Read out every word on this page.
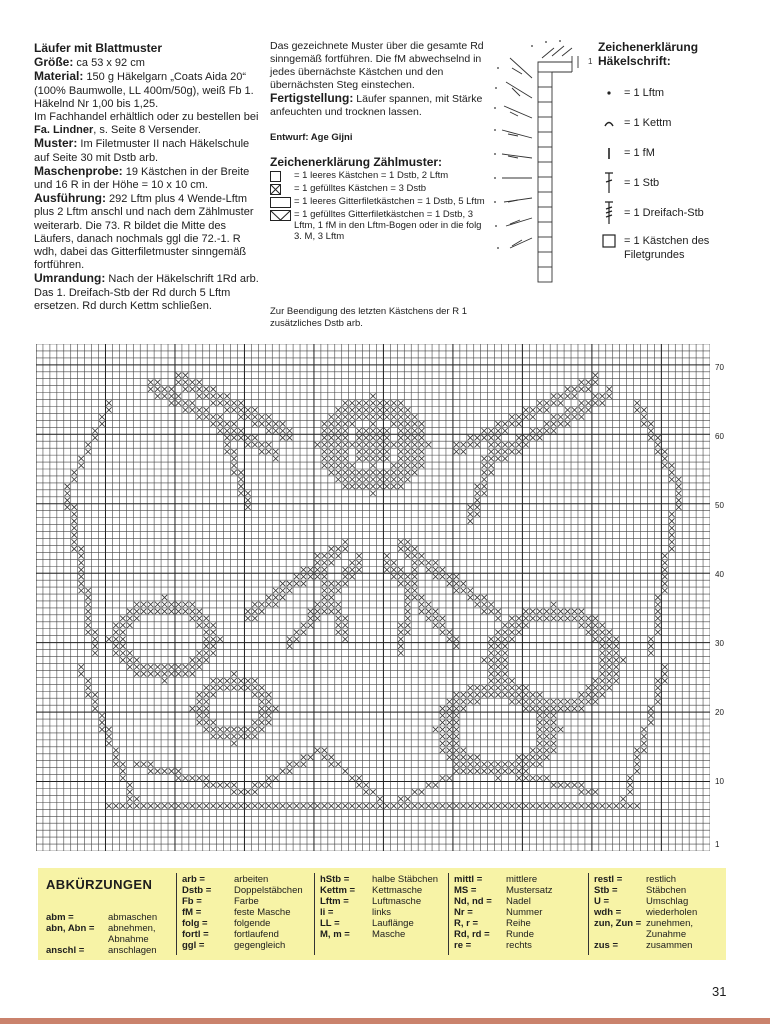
Läufer mit Blattmuster

Größe: ca 53 x 92 cm

Material: 150 g Häkelgarn „Coats Aida 20“ (100% Baumwolle, LL 400m/50g), weiß Fb 1. Häkelnd Nr 1,00 bis 1,25.

Im Fachhandel erhältlich oder zu bestellen bei Fa. Lindner, s. Seite 8 Versender.

Muster: Im Filetmuster II nach Häkelschule auf Seite 30 mit Dstb arb.

Maschenprobe: 19 Kästchen in der Breite und 16 R in der Höhe = 10 x 10 cm.

Ausführung: 292 Lftm plus 4 Wende-Lftm plus 2 Lftm anschl und nach dem Zählmuster weiterarb. Die 73. R bildet die Mitte des Läufers, danach nochmals ggl die 72.-1. R wdh, dabei das Gitterfiletmuster sinngemäß fortführen.

Umrandung: Nach der Häkelschrift 1Rd arb. Das 1. Dreifach-Stb der Rd durch 5 Lftm ersetzen. Rd durch Kettm schließen.

Das gezeichnete Muster über die gesamte Rd sinngemäß fortführen. Die fM abwechselnd in jedes übernächste Kästchen und den übernächsten Steg einstechen.

Fertigstellung: Läufer spannen, mit Stärke anfeuchten und trocknen lassen.

Entwurf: Age Gijni

Zeichenerklärung Zählmuster:

= 1 leeres Kästchen = 1 Dstb, 2 Lftm
= 1 gefülltes Kästchen = 3 Dstb
= 1 leeres Gitterfiletkästchen = 1 Dstb, 5 Lftm
= 1 gefülltes Gitterfiletkästchen = 1 Dstb, 3 Lftm, 1 fM in den Lftm-Bogen oder in die folg 3. M, 3 Lftm
Zur Beendigung des letzten Kästchens der R 1 zusätzliches Dstb arb.
1
Zeichenerklärung Häkelschrift:
= 1 Lftm
= 1 Kettm
= 1 fM
= 1 Stb
= 1 Dreifach-Stb
= 1 Kästchen des Filetgrundes
70
60
50
40
30
20
10
1
ABKÜRZUNGEN
abm =	abmaschen
abn, Abn =	abnehmen, Abnahme
anschl =	anschlagen
arb =	arbeiten
Dstb =	Doppelstäbchen
Fb =	Farbe
fM =	feste Masche
folg =	folgende
fortl =	fortlaufend
ggl =	gegengleich
hStb =	halbe Stäbchen
Kettm =	Kettmasche
Lftm =	Luftmasche
li =	links
LL =	Lauflänge
M, m =	Masche
mittl =	mittlere
MS =	Mustersatz
Nd, nd =	Nadel
Nr =	Nummer
R, r =	Reihe
Rd, rd =	Runde
re =	rechts
restl =	restlich
Stb =	Stäbchen
U =	Umschlag
wdh =	wiederholen
zun, Zun = zunehmen, Zunahme
zus =	zusammen
31
